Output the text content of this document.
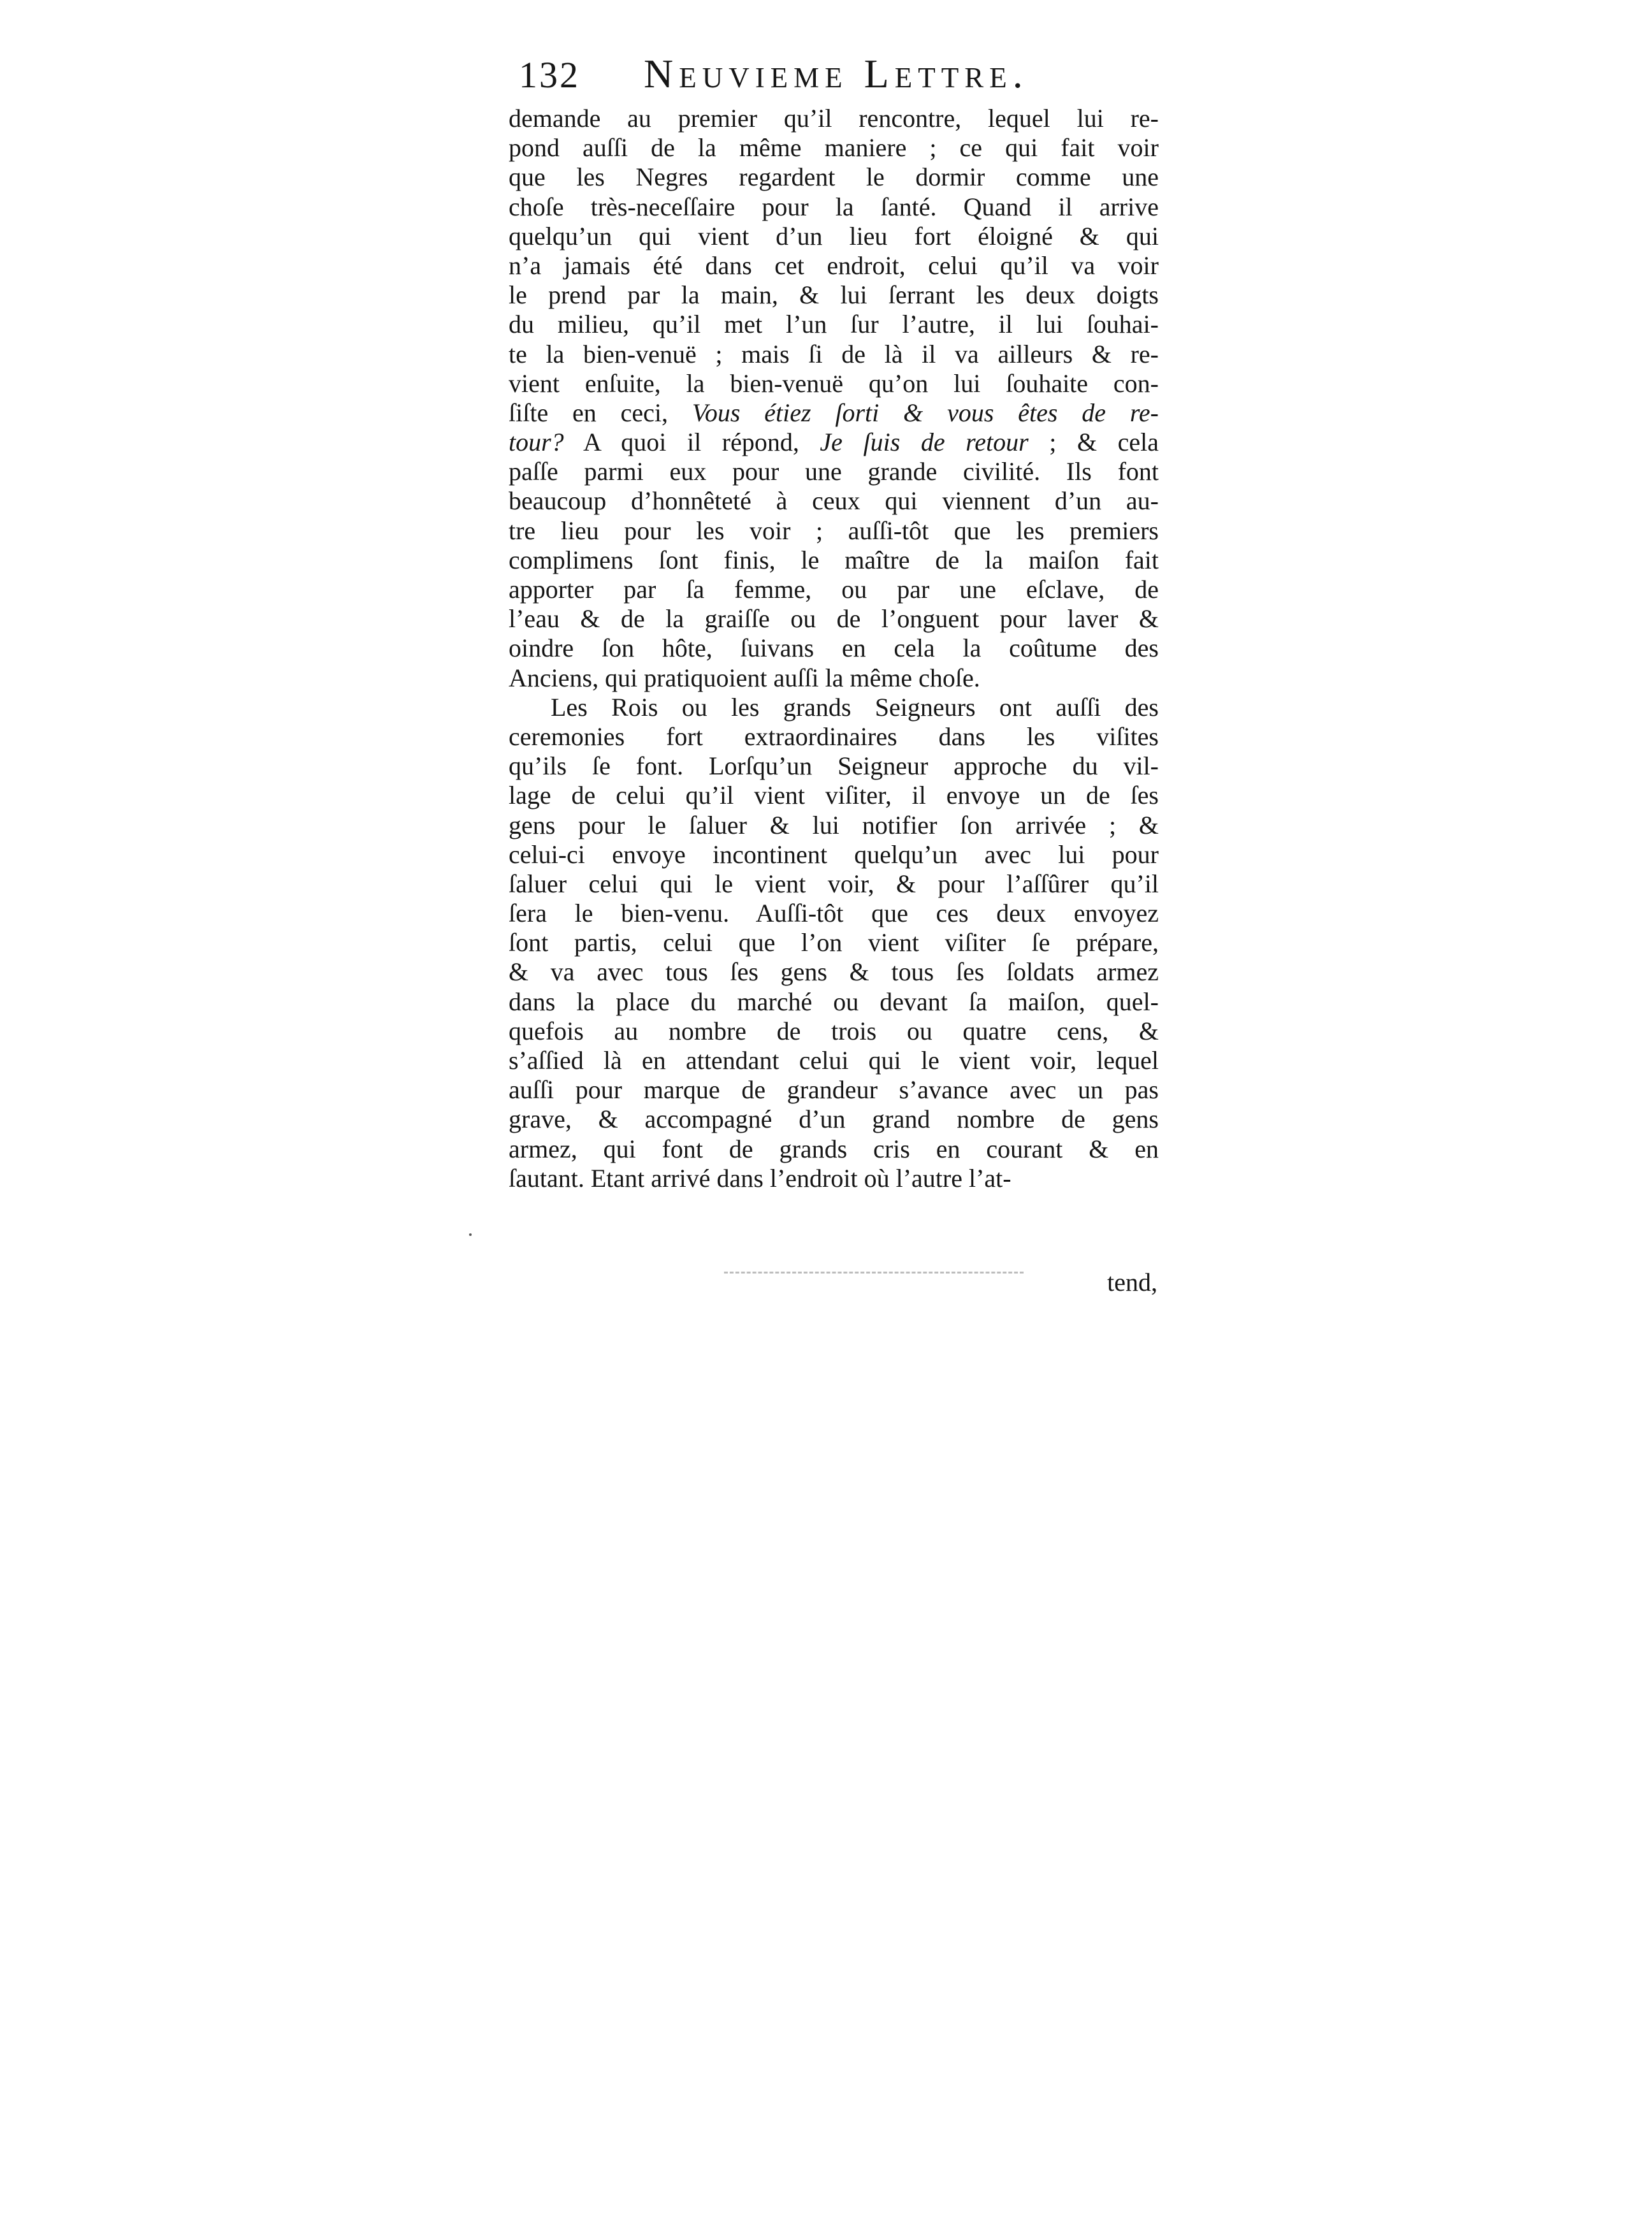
132 Neuvieme Lettre.
demande au premier qu’il rencontre, lequel lui re-
pond auſſi de la même maniere ; ce qui fait voir
que les Negres regardent le dormir comme une
choſe très-neceſſaire pour la ſanté. Quand il arrive
quelqu’un qui vient d’un lieu fort éloigné & qui
n’a jamais été dans cet endroit, celui qu’il va voir
le prend par la main, & lui ſerrant les deux doigts
du milieu, qu’il met l’un ſur l’autre, il lui ſouhai-
te la bien-venuë ; mais ſi de là il va ailleurs & re-
vient enſuite, la bien-venuë qu’on lui ſouhaite con-
ſiſte en ceci, Vous étiez ſorti & vous êtes de re-
tour? A quoi il répond, Je ſuis de retour ; & cela
paſſe parmi eux pour une grande civilité. Ils font
beaucoup d’honnêteté à ceux qui viennent d’un au-
tre lieu pour les voir ; auſſi-tôt que les premiers
complimens ſont finis, le maître de la maiſon fait
apporter par ſa femme, ou par une eſclave, de
l’eau & de la graiſſe ou de l’onguent pour laver &
oindre ſon hôte, ſuivans en cela la coûtume des
Anciens, qui pratiquoient auſſi la même choſe.
Les Rois ou les grands Seigneurs ont auſſi des
ceremonies fort extraordinaires dans les viſites
qu’ils ſe font. Lorſqu’un Seigneur approche du vil-
lage de celui qu’il vient viſiter, il envoye un de ſes
gens pour le ſaluer & lui notifier ſon arrivée ; &
celui-ci envoye incontinent quelqu’un avec lui pour
ſaluer celui qui le vient voir, & pour l’aſſûrer qu’il
ſera le bien-venu. Auſſi-tôt que ces deux envoyez
ſont partis, celui que l’on vient viſiter ſe prépare,
& va avec tous ſes gens & tous ſes ſoldats armez
dans la place du marché ou devant ſa maiſon, quel-
quefois au nombre de trois ou quatre cens, &
s’aſſied là en attendant celui qui le vient voir, lequel
auſſi pour marque de grandeur s’avance avec un pas
grave, & accompagné d’un grand nombre de gens
armez, qui font de grands cris en courant & en
ſautant. Etant arrivé dans l’endroit où l’autre l’at-
tend,
